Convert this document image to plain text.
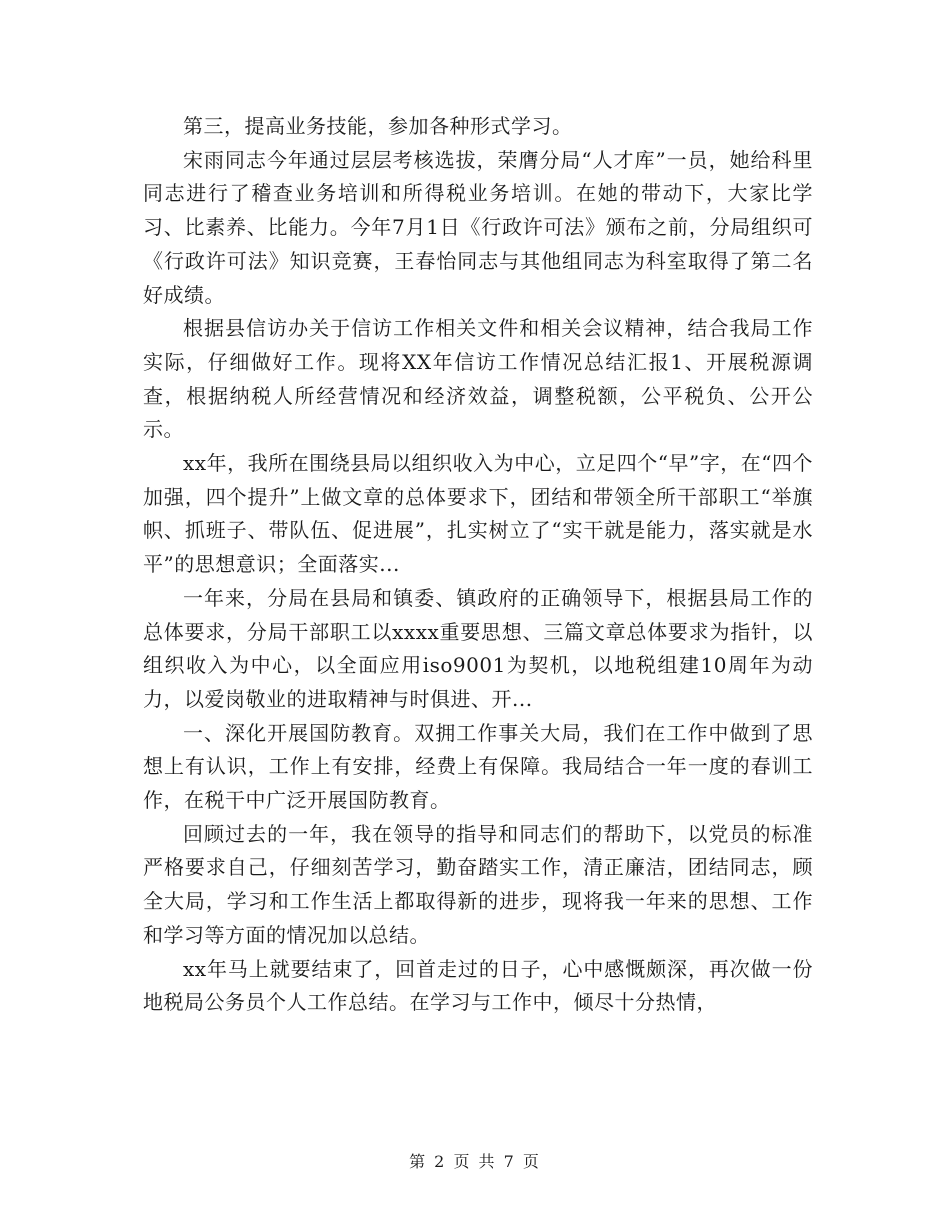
第三，提高业务技能，参加各种形式学习。

宋雨同志今年通过层层考核选拔，荣膺分局“人才库”一员，她给科里同志进行了稽查业务培训和所得税业务培训。在她的带动下，大家比学习、比素养、比能力。今年7月1日《行政许可法》颁布之前，分局组织可《行政许可法》知识竞赛，王春怡同志与其他组同志为科室取得了第二名好成绩。

根据县信访办关于信访工作相关文件和相关会议精神，结合我局工作实际，仔细做好工作。现将XX年信访工作情况总结汇报1、开展税源调查，根据纳税人所经营情况和经济效益，调整税额，公平税负、公开公示。

xx年，我所在围绕县局以组织收入为中心，立足四个“早”字，在“四个加强，四个提升”上做文章的总体要求下，团结和带领全所干部职工“举旗帜、抓班子、带队伍、促进展”，扎实树立了“实干就是能力，落实就是水平”的思想意识；全面落实...

一年来，分局在县局和镇委、镇政府的正确领导下，根据县局工作的总体要求，分局干部职工以xxxx重要思想、三篇文章总体要求为指针，以组织收入为中心，以全面应用iso9001为契机，以地税组建10周年为动力，以爱岗敬业的进取精神与时俱进、开...

一、深化开展国防教育。双拥工作事关大局，我们在工作中做到了思想上有认识，工作上有安排，经费上有保障。我局结合一年一度的春训工作，在税干中广泛开展国防教育。

回顾过去的一年，我在领导的指导和同志们的帮助下，以党员的标准严格要求自己，仔细刻苦学习，勤奋踏实工作，清正廉洁，团结同志，顾全大局，学习和工作生活上都取得新的进步，现将我一年来的思想、工作和学习等方面的情况加以总结。

xx年马上就要结束了，回首走过的日子，心中感慨颇深，再次做一份地税局公务员个人工作总结。在学习与工作中，倾尽十分热情，

第 2 页 共 7 页
